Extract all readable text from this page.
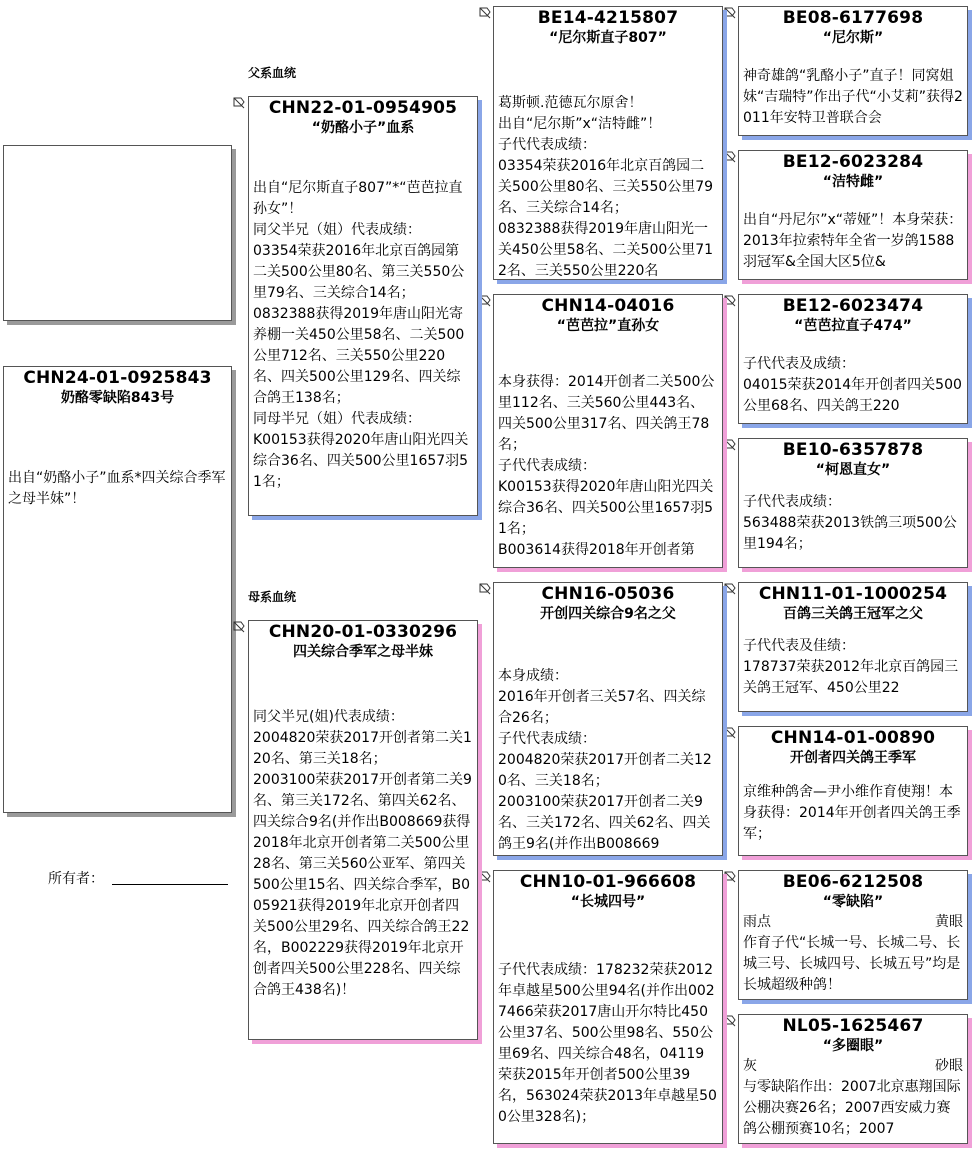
父系血统
母系血统
CHN24-01-0925843
奶酪零缺陷843号
出自“奶酪小子”血系*四关综合季军之母半妹”！
所有者：
CHN22-01-0954905
“奶酪小子”血系
出自“尼尔斯直子807”*“芭芭拉直孙女”！
同父半兄（姐）代表成绩：
03354荣获2016年北京百鸽园第二关500公里80名、第三关550公里79名、三关综合14名；
0832388获得2019年唐山阳光寄养棚一关450公里58名、二关500公里712名、三关550公里220名、四关500公里129名、四关综合鸽王138名；
同母半兄（姐）代表成绩：
K00153获得2020年唐山阳光四关综合36名、四关500公里1657羽51名；
CHN20-01-0330296
四关综合季军之母半妹
同父半兄(姐)代表成绩：
2004820荣获2017开创者第二关120名、第三关18名；
2003100荣获2017开创者第二关9名、第三关172名、第四关62名、四关综合9名(并作出B008669获得2018年北京开创者第二关500公里28名、第三关560公亚军、第四关500公里15名、四关综合季军，B005921获得2019年北京开创者四关500公里29名、四关综合鸽王22名，B002229获得2019年北京开创者四关500公里228名、四关综合鸽王438名)！
BE14-4215807
“尼尔斯直子807”
葛斯顿.范德瓦尔原舍！
出自“尼尔斯”x“洁特雌”！
子代代表成绩：
03354荣获2016年北京百鸽园二关500公里80名、三关550公里79名、三关综合14名；
0832388获得2019年唐山阳光一关450公里58名、二关500公里712名、三关550公里220名
CHN14-04016
“芭芭拉”直孙女
本身获得：2014开创者二关500公里112名、三关560公里443名、四关500公里317名、四关鸽王78名；
子代代表成绩：
K00153获得2020年唐山阳光四关综合36名、四关500公里1657羽51名；
B003614获得2018年开创者第
CHN16-05036
开创四关综合9名之父
本身成绩：
2016年开创者三关57名、四关综合26名；
子代代表成绩：
2004820荣获2017开创者二关120名、三关18名；
2003100荣获2017开创者二关9名、三关172名、四关62名、四关鸽王9名(并作出B008669
CHN10-01-966608
“长城四号”
子代代表成绩：178232荣获2012年卓越星500公里94名(并作出0027466荣获2017唐山开尔特比450公里37名、500公里98名、550公里69名、四关综合48名，04119荣获2015年开创者500公里39名，563024荣获2013年卓越星500公里328名)；
BE08-6177698
“尼尔斯”
神奇雄鸽“乳酪小子”直子！同窝姐妹“吉瑞特”作出子代“小艾莉”获得2011年安特卫普联合会
BE12-6023284
“洁特雌”
出自“丹尼尔”x“蒂娅”！本身荣获：2013年拉索特年全省一岁鸽1588羽冠军&全国大区5位&
BE12-6023474
“芭芭拉直子474”
子代代表及成绩：
04015荣获2014年开创者四关500公里68名、四关鸽王220
BE10-6357878
“柯恩直女”
子代代表成绩：
563488荣获2013铁鸽三项500公里194名；
CHN11-01-1000254
百鸽三关鸽王冠军之父
子代代表及佳绩：
178737荣获2012年北京百鸽园三关鸽王冠军、450公里22
CHN14-01-00890
开创者四关鸽王季军
京维种鸽舍—尹小维作育使翔！本身获得：2014年开创者四关鸽王季军；
BE06-6212508
“零缺陷”
雨点	黄眼
作育子代“长城一号、长城二号、长城三号、长城四号、长城五号”均是长城超级种鸽！
NL05-1625467
“多圈眼”
灰	砂眼
与零缺陷作出：2007北京惠翔国际公棚决赛26名；2007西安威力赛鸽公棚预赛10名；2007
